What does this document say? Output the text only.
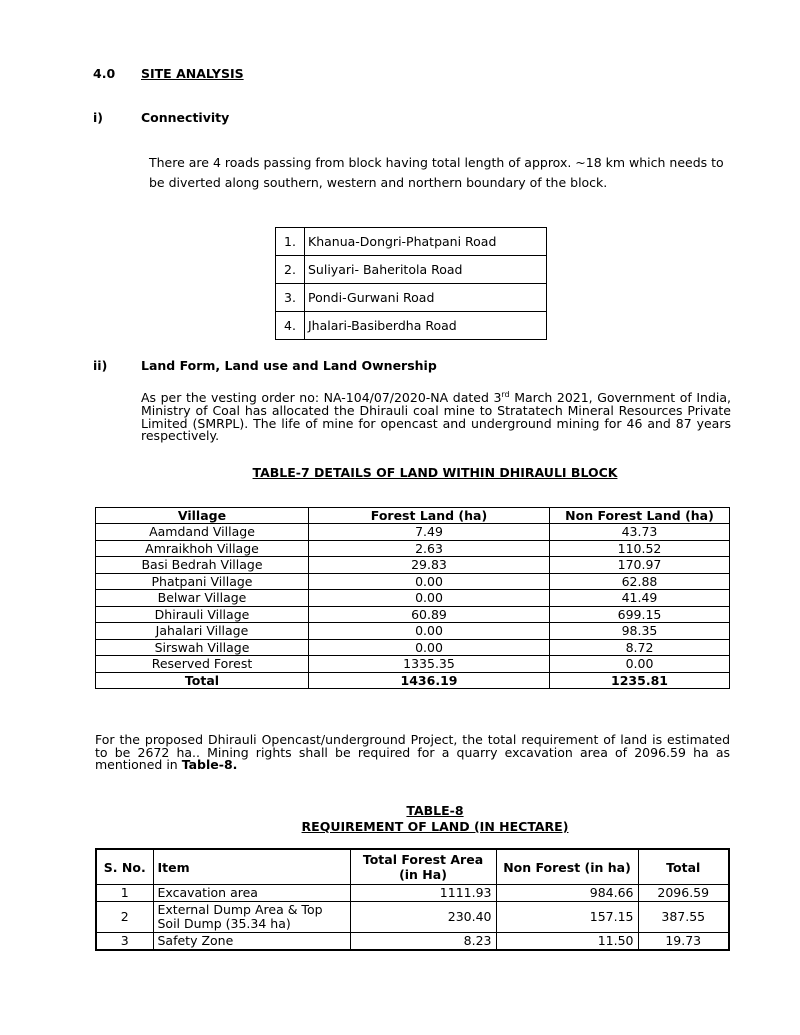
4.0 SITE ANALYSIS
i)	Connectivity

There are 4 roads passing from block having total length of approx. ~18 km which needs to be diverted along southern, western and northern boundary of the block.

1.	Khanua-Dongri-Phatpani Road
2.	Suliyari- Baheritola Road
3.	Pondi-Gurwani Road
4.	Jhalari-Basiberdha Road
ii)	Land Form, Land use and Land Ownership

As per the vesting order no: NA-104/07/2020-NA dated 3rd March 2021, Government of India, Ministry of Coal has allocated the Dhirauli coal mine to Stratatech Mineral Resources Private Limited (SMRPL). The life of mine for opencast and underground mining for 46 and 87 years respectively.

TABLE-7 DETAILS OF LAND WITHIN DHIRAULI BLOCK
Village	Forest Land (ha)	Non Forest Land (ha)
Aamdand Village	7.49	43.73
Amraikhoh Village	2.63	110.52
Basi Bedrah Village	29.83	170.97
Phatpani Village	0.00	62.88
Belwar Village	0.00	41.49
Dhirauli Village	60.89	699.15
Jahalari Village	0.00	98.35
Sirswah Village	0.00	8.72
Reserved Forest	1335.35	0.00
Total	1436.19	1235.81

For the proposed Dhirauli Opencast/underground Project, the total requirement of land is estimated to be 2672 ha.. Mining rights shall be required for a quarry excavation area of 2096.59 ha as mentioned in Table-8.

TABLE-8
REQUIREMENT OF LAND (IN HECTARE)
S. No.	Item	Total Forest Area (in Ha)	Non Forest (in ha)	Total
1	Excavation area	1111.93	984.66	2096.59
2	External Dump Area & Top Soil Dump (35.34 ha)	230.40	157.15	387.55
3	Safety Zone	8.23	11.50	19.73
